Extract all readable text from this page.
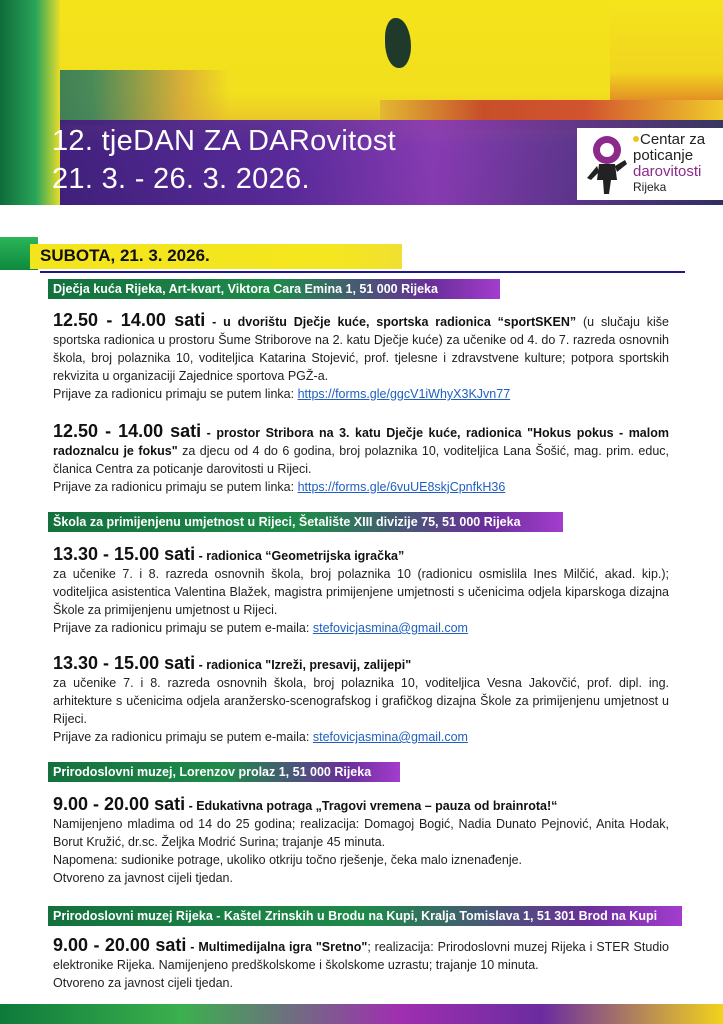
12. tjeDAN ZA DARovitost
21. 3. - 26. 3. 2026.
Centar za
poticanje
darovitosti
Rijeka
SUBOTA, 21. 3. 2026.
Dječja kuća Rijeka, Art-kvart, Viktora Cara Emina 1, 51 000 Rijeka
12.50 - 14.00 sati - u dvorištu Dječje kuće, sportska radionica “sportSKEN” (u slučaju kiše sportska radionica u prostoru Šume Striborove na 2. katu Dječje kuće) za učenike od 4. do 7. razreda osnovnih škola, broj polaznika 10, voditeljica Katarina Stojević, prof. tjelesne i zdravstvene kulture; potpora sportskih rekvizita u organizaciji Zajednice sportova PGŽ-a.
Prijave za radionicu primaju se putem linka: https://forms.gle/ggcV1iWhyX3KJvn77
12.50 - 14.00 sati - prostor Stribora na 3. katu Dječje kuće, radionica "Hokus pokus - malom radoznalcu je fokus" za djecu od 4 do 6 godina, broj polaznika 10, voditeljica Lana Šošić, mag. prim. educ, članica Centra za poticanje darovitosti u Rijeci.
Prijave za radionicu primaju se putem linka: https://forms.gle/6vuUE8skjCpnfkH36
Škola za primijenjenu umjetnost u Rijeci, Šetalište XIII divizije 75, 51 000 Rijeka
13.30 - 15.00 sati - radionica “Geometrijska igračka”
za učenike 7. i 8. razreda osnovnih škola, broj polaznika 10 (radionicu osmislila Ines Milčić, akad. kip.); voditeljica asistentica Valentina Blažek, magistra primijenjene umjetnosti s učenicima odjela kiparskoga dizajna Škole za primijenjenu umjetnost u Rijeci.
Prijave za radionicu primaju se putem e-maila: stefovicjasmina@gmail.com
13.30 - 15.00 sati - radionica "Izreži, presavij, zalijepi"
za učenike 7. i 8. razreda osnovnih škola, broj polaznika 10, voditeljica Vesna Jakovčić, prof. dipl. ing. arhitekture s učenicima odjela aranžersko-scenografskog i grafičkog dizajna Škole za primijenjenu umjetnost u Rijeci.
Prijave za radionicu primaju se putem e-maila: stefovicjasmina@gmail.com
Prirodoslovni muzej, Lorenzov prolaz 1, 51 000 Rijeka
9.00 - 20.00 sati - Edukativna potraga „Tragovi vremena – pauza od brainrota!“
Namijenjeno mladima od 14 do 25 godina; realizacija: Domagoj Bogić, Nadia Dunato Pejnović, Anita Hodak, Borut Kružić, dr.sc. Željka Modrić Surina; trajanje 45 minuta.
Napomena: sudionike potrage, ukoliko otkriju točno rješenje, čeka malo iznenađenje.
Otvoreno za javnost cijeli tjedan.
Prirodoslovni muzej Rijeka - Kaštel Zrinskih u Brodu na Kupi, Kralja Tomislava 1, 51 301 Brod na Kupi
9.00 - 20.00 sati - Multimedijalna igra "Sretno"; realizacija: Prirodoslovni muzej Rijeka i STER Studio elektronike Rijeka. Namijenjeno predškolskome i školskome uzrastu; trajanje 10 minuta.
Otvoreno za javnost cijeli tjedan.
